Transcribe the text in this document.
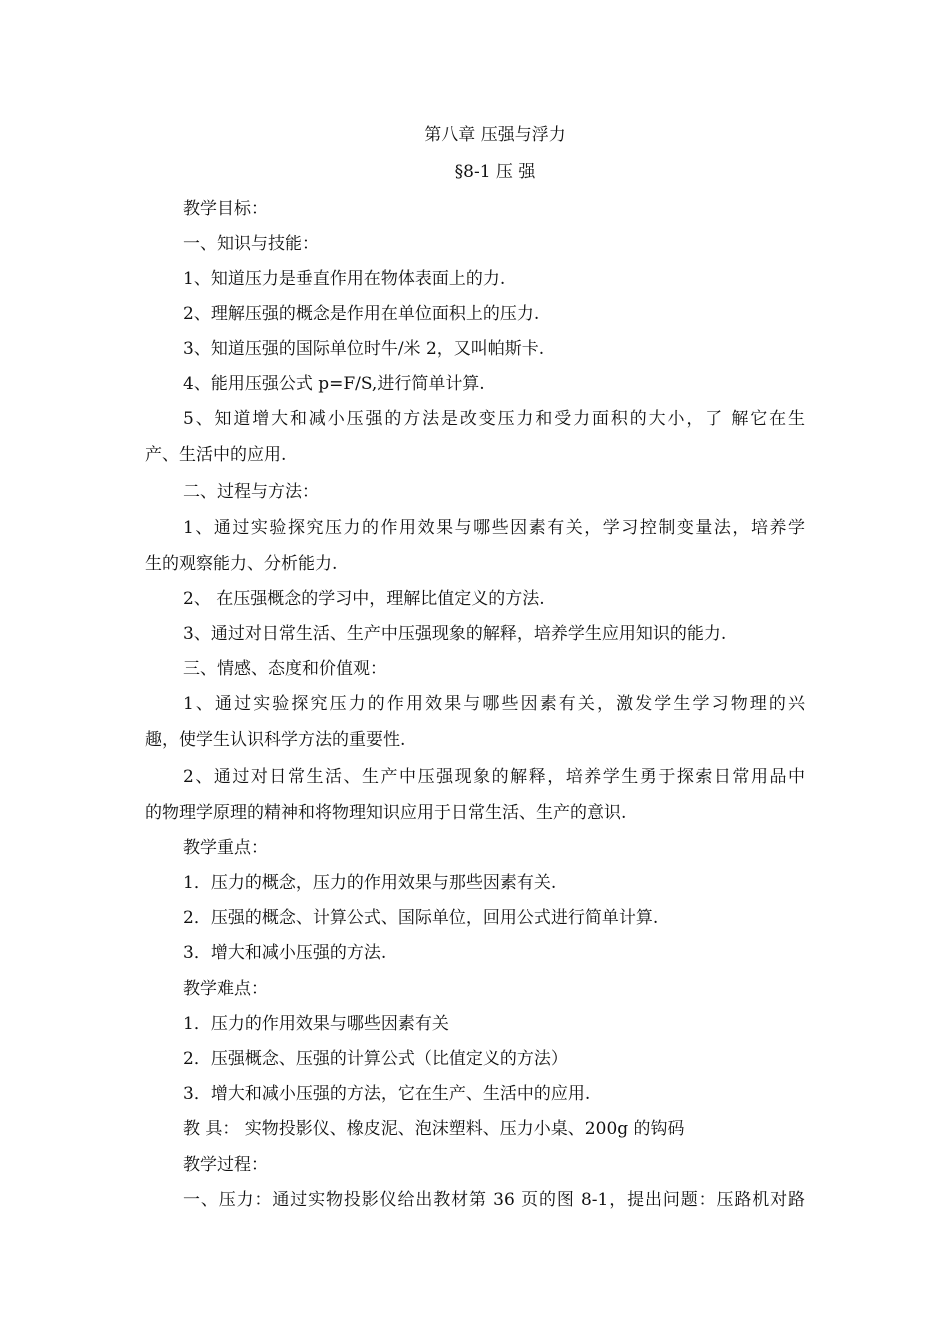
第八章 压强与浮力
§8-1 压 强
教学目标：
一、知识与技能：
1、知道压力是垂直作用在物体表面上的力.
2、理解压强的概念是作用在单位面积上的压力.
3、知道压强的国际单位时牛/米 2，又叫帕斯卡.
4、能用压强公式 p=F/S,进行简单计算.
5、知道增大和减小压强的方法是改变压力和受力面积的大小，了 解它在生
产、生活中的应用.
二、过程与方法：
1、通过实验探究压力的作用效果与哪些因素有关，学习控制变量法，培养学
生的观察能力、分析能力.
2、 在压强概念的学习中，理解比值定义的方法.
3、通过对日常生活、生产中压强现象的解释，培养学生应用知识的能力.
三、情感、态度和价值观：
1、通过实验探究压力的作用效果与哪些因素有关，激发学生学习物理的兴
趣，使学生认识科学方法的重要性.
2、通过对日常生活、生产中压强现象的解释，培养学生勇于探索日常用品中
的物理学原理的精神和将物理知识应用于日常生活、生产的意识.
教学重点：
1．压力的概念，压力的作用效果与那些因素有关.
2．压强的概念、计算公式、国际单位，回用公式进行简单计算.
3．增大和减小压强的方法.
教学难点：
1．压力的作用效果与哪些因素有关
2．压强概念、压强的计算公式（比值定义的方法）
3．增大和减小压强的方法，它在生产、生活中的应用.
教 具： 实物投影仪、橡皮泥、泡沫塑料、压力小桌、200g 的钩码
教学过程：
一、压力：通过实物投影仪给出教材第 36 页的图 8-1，提出问题：压路机对路
